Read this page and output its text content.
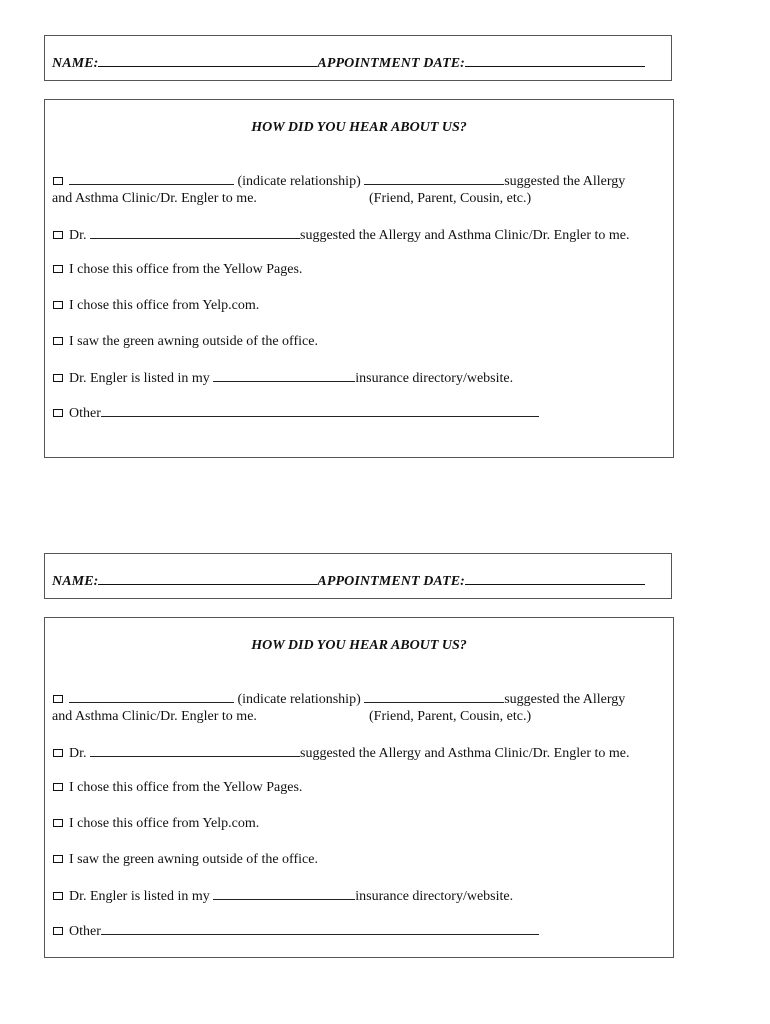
NAME:	APPOINTMENT DATE:
HOW DID YOU HEAR ABOUT US?
(indicate relationship)	suggested the Allergy
and Asthma Clinic/Dr. Engler to me.	(Friend, Parent, Cousin, etc.)
Dr.	suggested the Allergy and Asthma Clinic/Dr. Engler to me.
I chose this office from the Yellow Pages.
I chose this office from Yelp.com.
I saw the green awning outside of the office.
Dr. Engler is listed in my	insurance directory/website.
Other
NAME:	APPOINTMENT DATE:
HOW DID YOU HEAR ABOUT US?
(indicate relationship)	suggested the Allergy
and Asthma Clinic/Dr. Engler to me.	(Friend, Parent, Cousin, etc.)
Dr.	suggested the Allergy and Asthma Clinic/Dr. Engler to me.
I chose this office from the Yellow Pages.
I chose this office from Yelp.com.
I saw the green awning outside of the office.
Dr. Engler is listed in my	insurance directory/website.
Other
